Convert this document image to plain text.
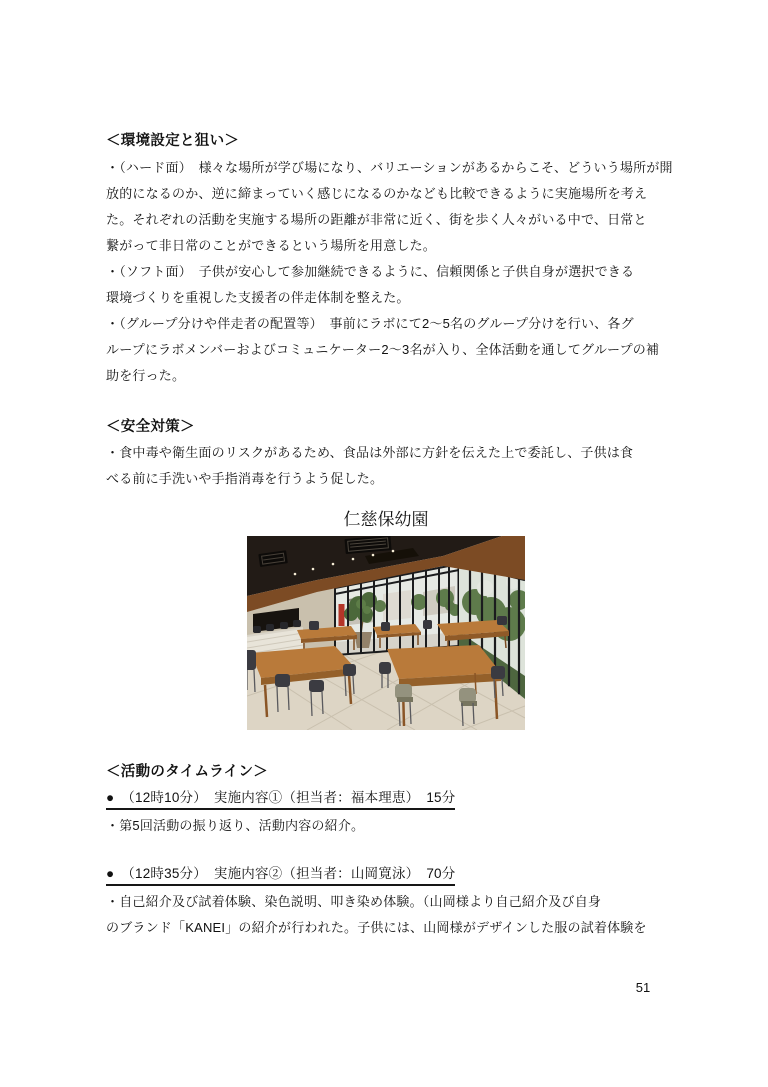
＜環境設定と狙い＞
・（ハード面）　様々な場所が学び場になり、バリエーションがあるからこそ、どういう場所が開
放的になるのか、逆に締まっていく感じになるのかなども比較できるように実施場所を考え
た。それぞれの活動を実施する場所の距離が非常に近く、街を歩く人々がいる中で、日常と
繋がって非日常のことができるという場所を用意した。
・（ソフト面）　子供が安心して参加継続できるように、信頼関係と子供自身が選択できる
環境づくりを重視した支援者の伴走体制を整えた。
・（グループ分けや伴走者の配置等）　事前にラボにて2～5名のグループ分けを行い、各グ
ループにラボメンバーおよびコミュニケーター2～3名が入り、全体活動を通してグループの補
助を行った。
＜安全対策＞
・食中毒や衛生面のリスクがあるため、食品は外部に方針を伝えた上で委託し、子供は食
べる前に手洗いや手指消毒を行うよう促した。
仁慈保幼園
＜活動のタイムライン＞
●　（12時10分）　実施内容①（担当者：福本理恵）　15分
・第5回活動の振り返り、活動内容の紹介。
●　（12時35分）　実施内容②（担当者：山岡寛泳）　70分
・自己紹介及び試着体験、染色説明、叩き染め体験。（山岡様より自己紹介及び自身
のブランド「KANEI」の紹介が行われた。子供には、山岡様がデザインした服の試着体験を
51
